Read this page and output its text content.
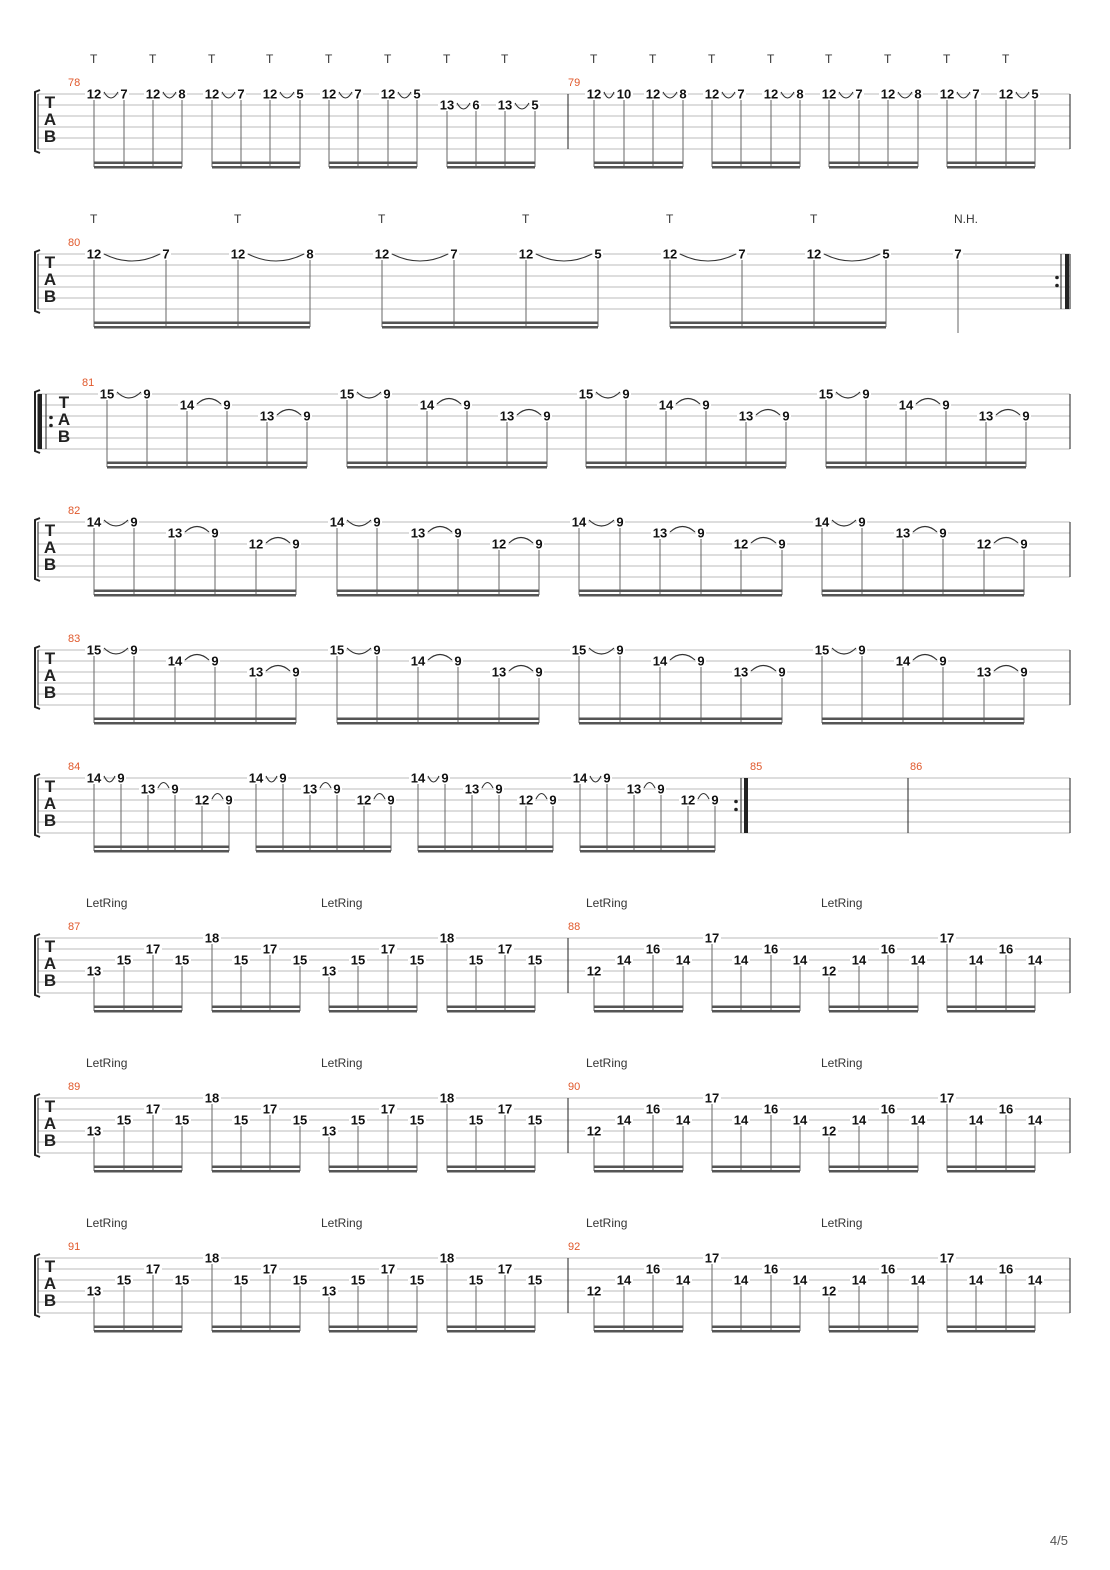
T
A
B
78
12 7 12 8 12 7 12 5 12 7 12 5
13 6 13 5
79
12 10 12 8 12 7 12 8 12 7 12 8 12 7 12 5
T	T	T	T	T	T	T	T	T	T	T	T	T	T	T	T
T
A
B
80
12	7	12	8	12	7	12	5	12	7	12	5	7
T	T	T	T	T	T	N.H.
T
A
B
81
15 9
14 9
13 9
15 9
14 9
13 9
15 9
14 9
13 9
15 9
14 9
13 9
T
A
B
82
14 9
13 9
12 9
14 9
13 9
12 9
14 9
13 9
12 9
14 9
13 9
12 9
T
A
B
83
15 9
14 9
13 9
15 9
14 9
13 9
15 9
14 9
13 9
15 9
14 9
13 9
T
A
B
84
14 9
13 9
12 9
14 9
13 9
12 9
14 9
13 9
12 9
14 9
13 9
12 9
85	86
T
A
B
87
13
15
17
15
18
15
17
15
13
15
17
15
18
15
17
15
88
12
14
16
14
17
14
16
14
12
14
16
14
17
14
16
14
LetRing	LetRing	LetRing	LetRing
T
A
B
89
13
15
17
15
18
15
17
15
13
15
17
15
18
15
17
15
90
12
14
16
14
17
14
16
14
12
14
16
14
17
14
16
14
LetRing	LetRing	LetRing	LetRing
T
A
B
91
13
15
17
15
18
15
17
15
13
15
17
15
18
15
17
15
92
12
14
16
14
17
14
16
14
12
14
16
14
17
14
16
14
LetRing	LetRing	LetRing	LetRing
4/5
